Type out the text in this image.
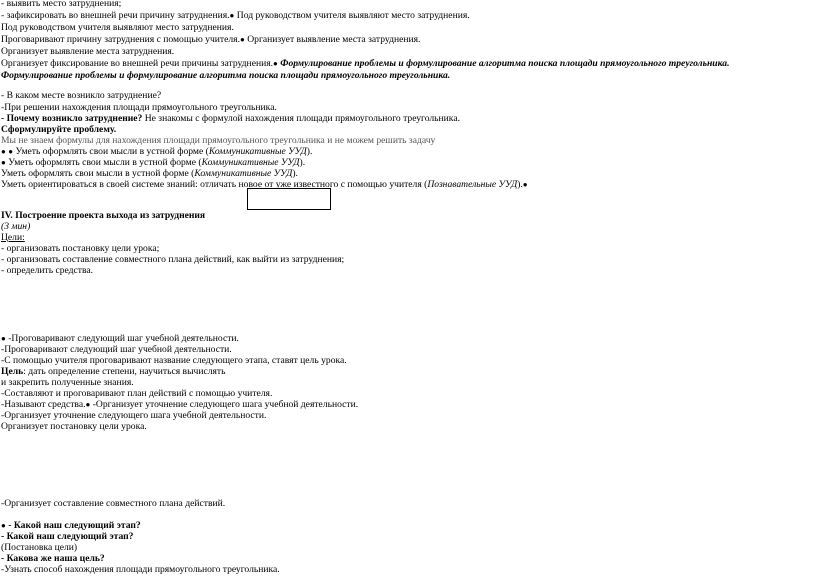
- выявить место затруднения;

- зафиксировать во внешней речи причину затруднения.● Под руководством учителя выявляют место затруднения.

Под руководством учителя выявляют место затруднения.

Проговаривают причину затруднения с помощью учителя.● Организует выявление места затруднения.

Организует выявление места затруднения.

Организует фиксирование во внешней речи причины затруднения.● Формулирование проблемы и формулирование алгоритма поиска площади прямоугольного треугольника.

Формулирование проблемы и формулирование алгоритма поиска площади прямоугольного треугольника.

- В каком месте возникло затруднение?

-При решении нахождения площади прямоугольного треугольника.

- Почему возникло затруднение? Не знакомы с формулой нахождения площади прямоугольного треугольника.

Сформулируйте проблему.

Мы не знаем формулы для нахождения площади прямоугольного треугольника и не можем решить задачу

● ● Уметь оформлять свои мысли в устной форме (Коммуникативные УУД).

● Уметь оформлять свои мысли в устной форме (Коммуникативные УУД).

Уметь оформлять свои мысли в устной форме (Коммуникативные УУД).

Уметь ориентироваться в своей системе знаний: отличать новое от уже известного с помощью учителя (Познавательные УУД).●

IV. Построение проекта выхода из затруднения

(3 мин)

Цели:

- организовать постановку цели урока;

- организовать составление совместного плана действий, как выйти из затруднения;

- определить средства.

● -Проговаривают следующий шаг учебной деятельности.

-Проговаривают следующий шаг учебной деятельности.

-С помощью учителя проговаривают название следующего этапа, ставят цель урока.

Цель: дать определение степени, научиться вычислять

и закрепить полученные знания.

-Составляют и проговаривают план действий с помощью учителя.

-Называют средства.● -Организует уточнение следующего шага учебной деятельности.

-Организует уточнение следующего шага учебной деятельности.

Организует постановку цели урока.

-Организует составление совместного плана действий.

● - Какой наш следующий этап?

- Какой наш следующий этап?

(Постановка цели)

- Какова же наша цель?

-Узнать способ нахождения площади прямоугольного треугольника.
